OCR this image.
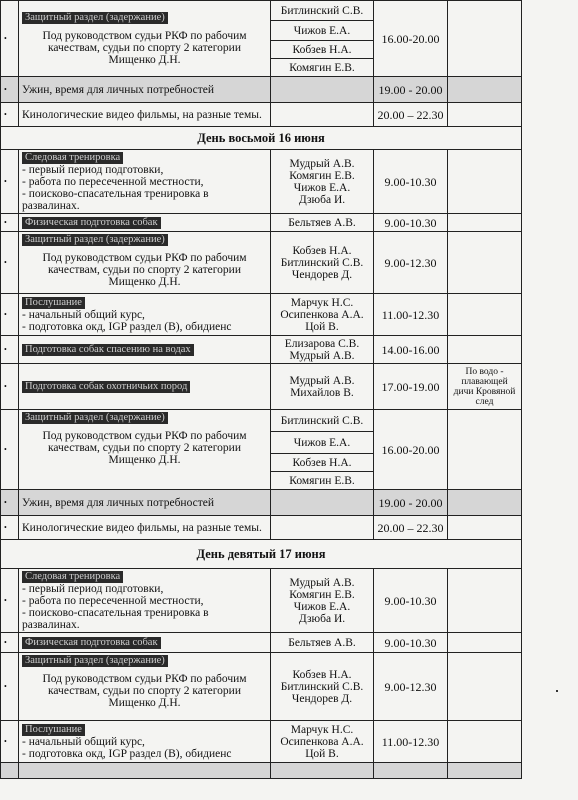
•	Защитный раздел (задержание)
Под руководством судьи РКФ по рабочим качествам, судьи по спорту 2 категории Мищенко Д.Н.	Битлинский С.В.	16.00-20.00	
		Чижов Е.А.		
		Кобзев Н.А.		
		Комягин Е.В.		
•	Ужин, время для личных потребностей		19.00 - 20.00	
•	Кинологические видео фильмы, на разные темы.		20.00 – 22.30	
День восьмой 16 июня				
•	Следовая тренировка
- первый период подготовки,
- работа по пересеченной местности,
- поисково-спасательная тренировка в развалинах.	Мудрый А.В.
Комягин Е.В.
Чижов Е.А.
Дзюба И.	9.00-10.30	
•	Физическая подготовка собак	Бельтяев А.В.	9.00-10.30	
•	Защитный раздел (задержание)
Под руководством судьи РКФ по рабочим качествам, судьи по спорту 2 категории Мищенко Д.Н.	Кобзев Н.А.
Битлинский С.В.
Чендорев Д.	9.00-12.30	
•	Послушание
- начальный общий курс,
- подготовка окд, IGP раздел (B), обидиенс	Марчук Н.С.
Осипенкова А.А.
Цой В.	11.00-12.30	
•	Подготовка собак спасению на водах	Елизарова С.В.
Мудрый А.В.	14.00-16.00	
•	Подготовка собак охотничьих пород	Мудрый А.В.
Михайлов В.	17.00-19.00	По водо - плавающей дичи Кровяной след
•	Защитный раздел (задержание)
Под руководством судьи РКФ по рабочим качествам, судьи по спорту 2 категории Мищенко Д.Н.	Битлинский С.В.	16.00-20.00	
		Чижов Е.А.		
		Кобзев Н.А.		
		Комягин Е.В.		
•	Ужин, время для личных потребностей		19.00 - 20.00	
•	Кинологические видео фильмы, на разные темы.		20.00 – 22.30	
День девятый 17 июня				
•	Следовая тренировка
- первый период подготовки,
- работа по пересеченной местности,
- поисково-спасательная тренировка в развалинах.	Мудрый А.В.
Комягин Е.В.
Чижов Е.А.
Дзюба И.	9.00-10.30	
•	Физическая подготовка собак	Бельтяев А.В.	9.00-10.30	
•	Защитный раздел (задержание)
Под руководством судьи РКФ по рабочим качествам, судьи по спорту 2 категории Мищенко Д.Н.	Кобзев Н.А.
Битлинский С.В.
Чендорев Д.	9.00-12.30	
•	Послушание
- начальный общий курс,
- подготовка окд, IGP раздел (B), обидиенс	Марчук Н.С.
Осипенкова А.А.
Цой В.	11.00-12.30	
